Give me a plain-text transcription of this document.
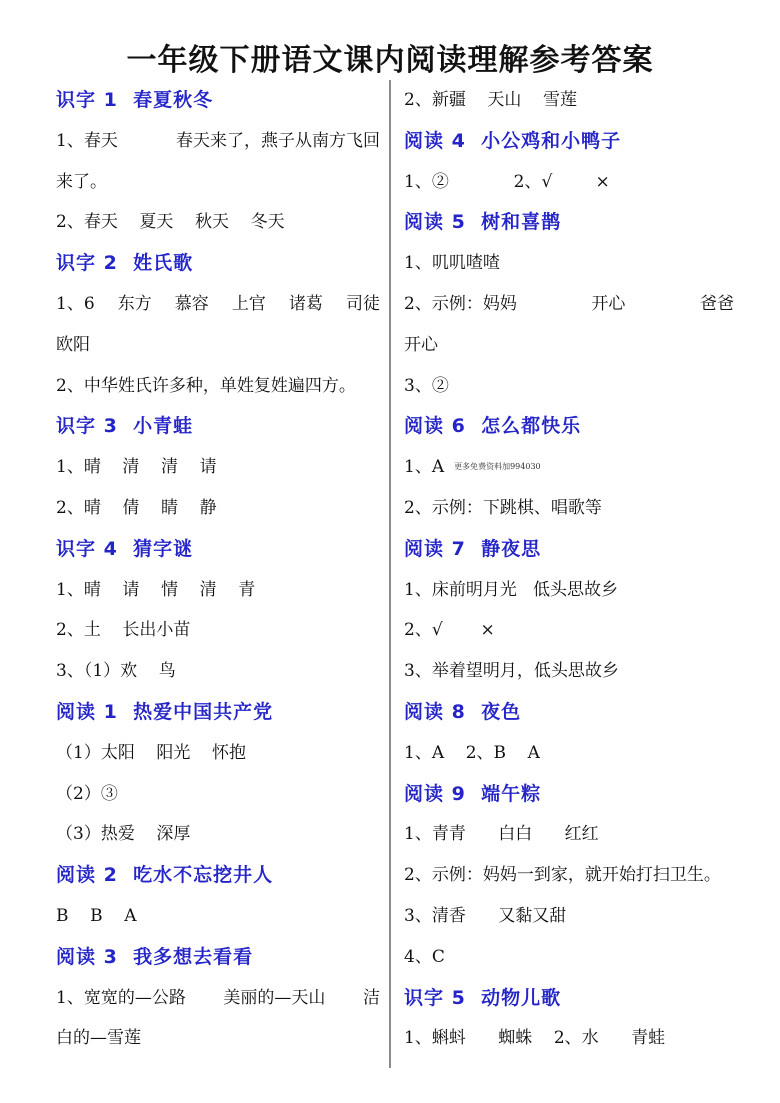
一年级下册语文课内阅读理解参考答案
识字 1  春夏秋冬
1、春天	春天来了，燕子从南方飞回
来了。
2、春天    夏天    秋天    冬天
识字 2  姓氏歌
1、6 东方 慕容 上官 诸葛 司徒
欧阳
2、中华姓氏许多种，单姓复姓遍四方。
识字 3  小青蛙
1、晴    清    清    请
2、晴    倩    睛    静
识字 4  猜字谜
1、晴    请    情    清    青
2、土    长出小苗
3、（1）欢    鸟
阅读 1  热爱中国共产党
（1）太阳    阳光    怀抱
（2）③
（3）热爱    深厚
阅读 2  吃水不忘挖井人
B    B    A
阅读 3  我多想去看看
1、宽宽的—公路 美丽的—天山 洁
白的—雪莲
2、新疆    天山    雪莲
阅读 4  小公鸡和小鸭子
1、②            2、√        ×
阅读 5  树和喜鹊
1、叽叽喳喳
2、示例：妈妈	开心	爸爸
开心
3、②
阅读 6  怎么都快乐
1、A 更多免费资料加994030
2、示例：下跳棋、唱歌等
阅读 7  静夜思
1、床前明月光   低头思故乡
2、√       ×
3、举着望明月，低头思故乡
阅读 8  夜色
1、A    2、B    A
阅读 9  端午粽
1、青青      白白      红红
2、示例：妈妈一到家，就开始打扫卫生。
3、清香      又黏又甜
4、C
识字 5  动物儿歌
1、蝌蚪      蜘蛛    2、水      青蛙
